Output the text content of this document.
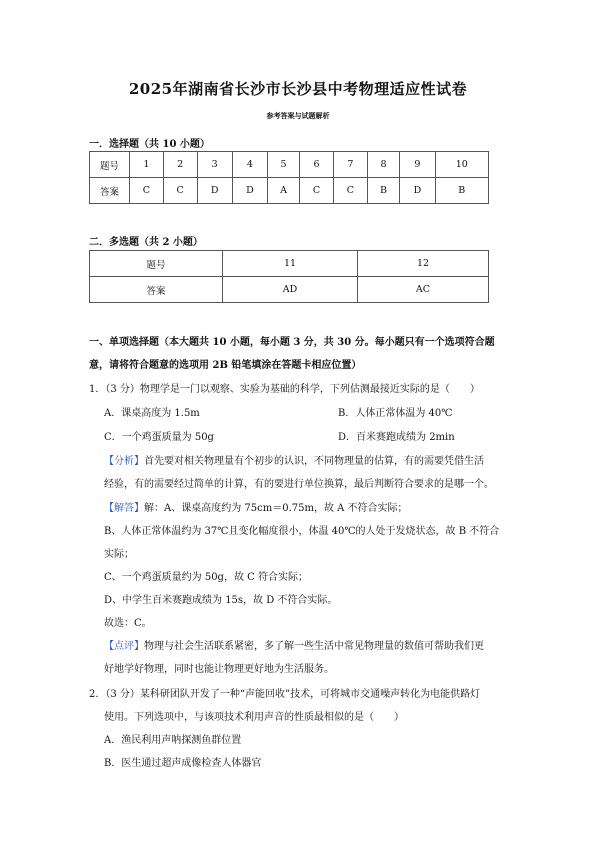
2025年湖南省长沙市长沙县中考物理适应性试卷
参考答案与试题解析
一．选择题（共 10 小题）
题号	1	2	3	4	5	6	7	8	9	10
答案	C	C	D	D	A	C	C	B	D	B
二．多选题（共 2 小题）
题号	11	12
答案	AD	AC
一、单项选择题（本大题共 10 小题，每小题 3 分，共 30 分。每小题只有一个选项符合题
意，请将符合题意的选项用 2B 铅笔填涂在答题卡相应位置）
1．（3 分）物理学是一门以观察、实验为基础的科学，下列估测最接近实际的是（　　）
A．课桌高度为 1.5m	B．人体正常体温为 40℃
C．一个鸡蛋质量为 50g	D．百米赛跑成绩为 2min
【分析】首先要对相关物理量有个初步的认识，不同物理量的估算，有的需要凭借生活
经验，有的需要经过简单的计算，有的要进行单位换算，最后判断符合要求的是哪一个。
【解答】解：A、课桌高度约为 75cm＝0.75m，故 A 不符合实际；
B、人体正常体温约为 37℃且变化幅度很小，体温 40℃的人处于发烧状态，故 B 不符合
实际；
C、一个鸡蛋质量约为 50g，故 C 符合实际；
D、中学生百米赛跑成绩为 15s，故 D 不符合实际。
故选：C。
【点评】物理与社会生活联系紧密，多了解一些生活中常见物理量的数值可帮助我们更
好地学好物理，同时也能让物理更好地为生活服务。
2．（3 分）某科研团队开发了一种“声能回收”技术，可将城市交通噪声转化为电能供路灯
使用。下列选项中，与该项技术利用声音的性质最相似的是（　　）
A．渔民利用声呐探测鱼群位置
B．医生通过超声成像检查人体器官
